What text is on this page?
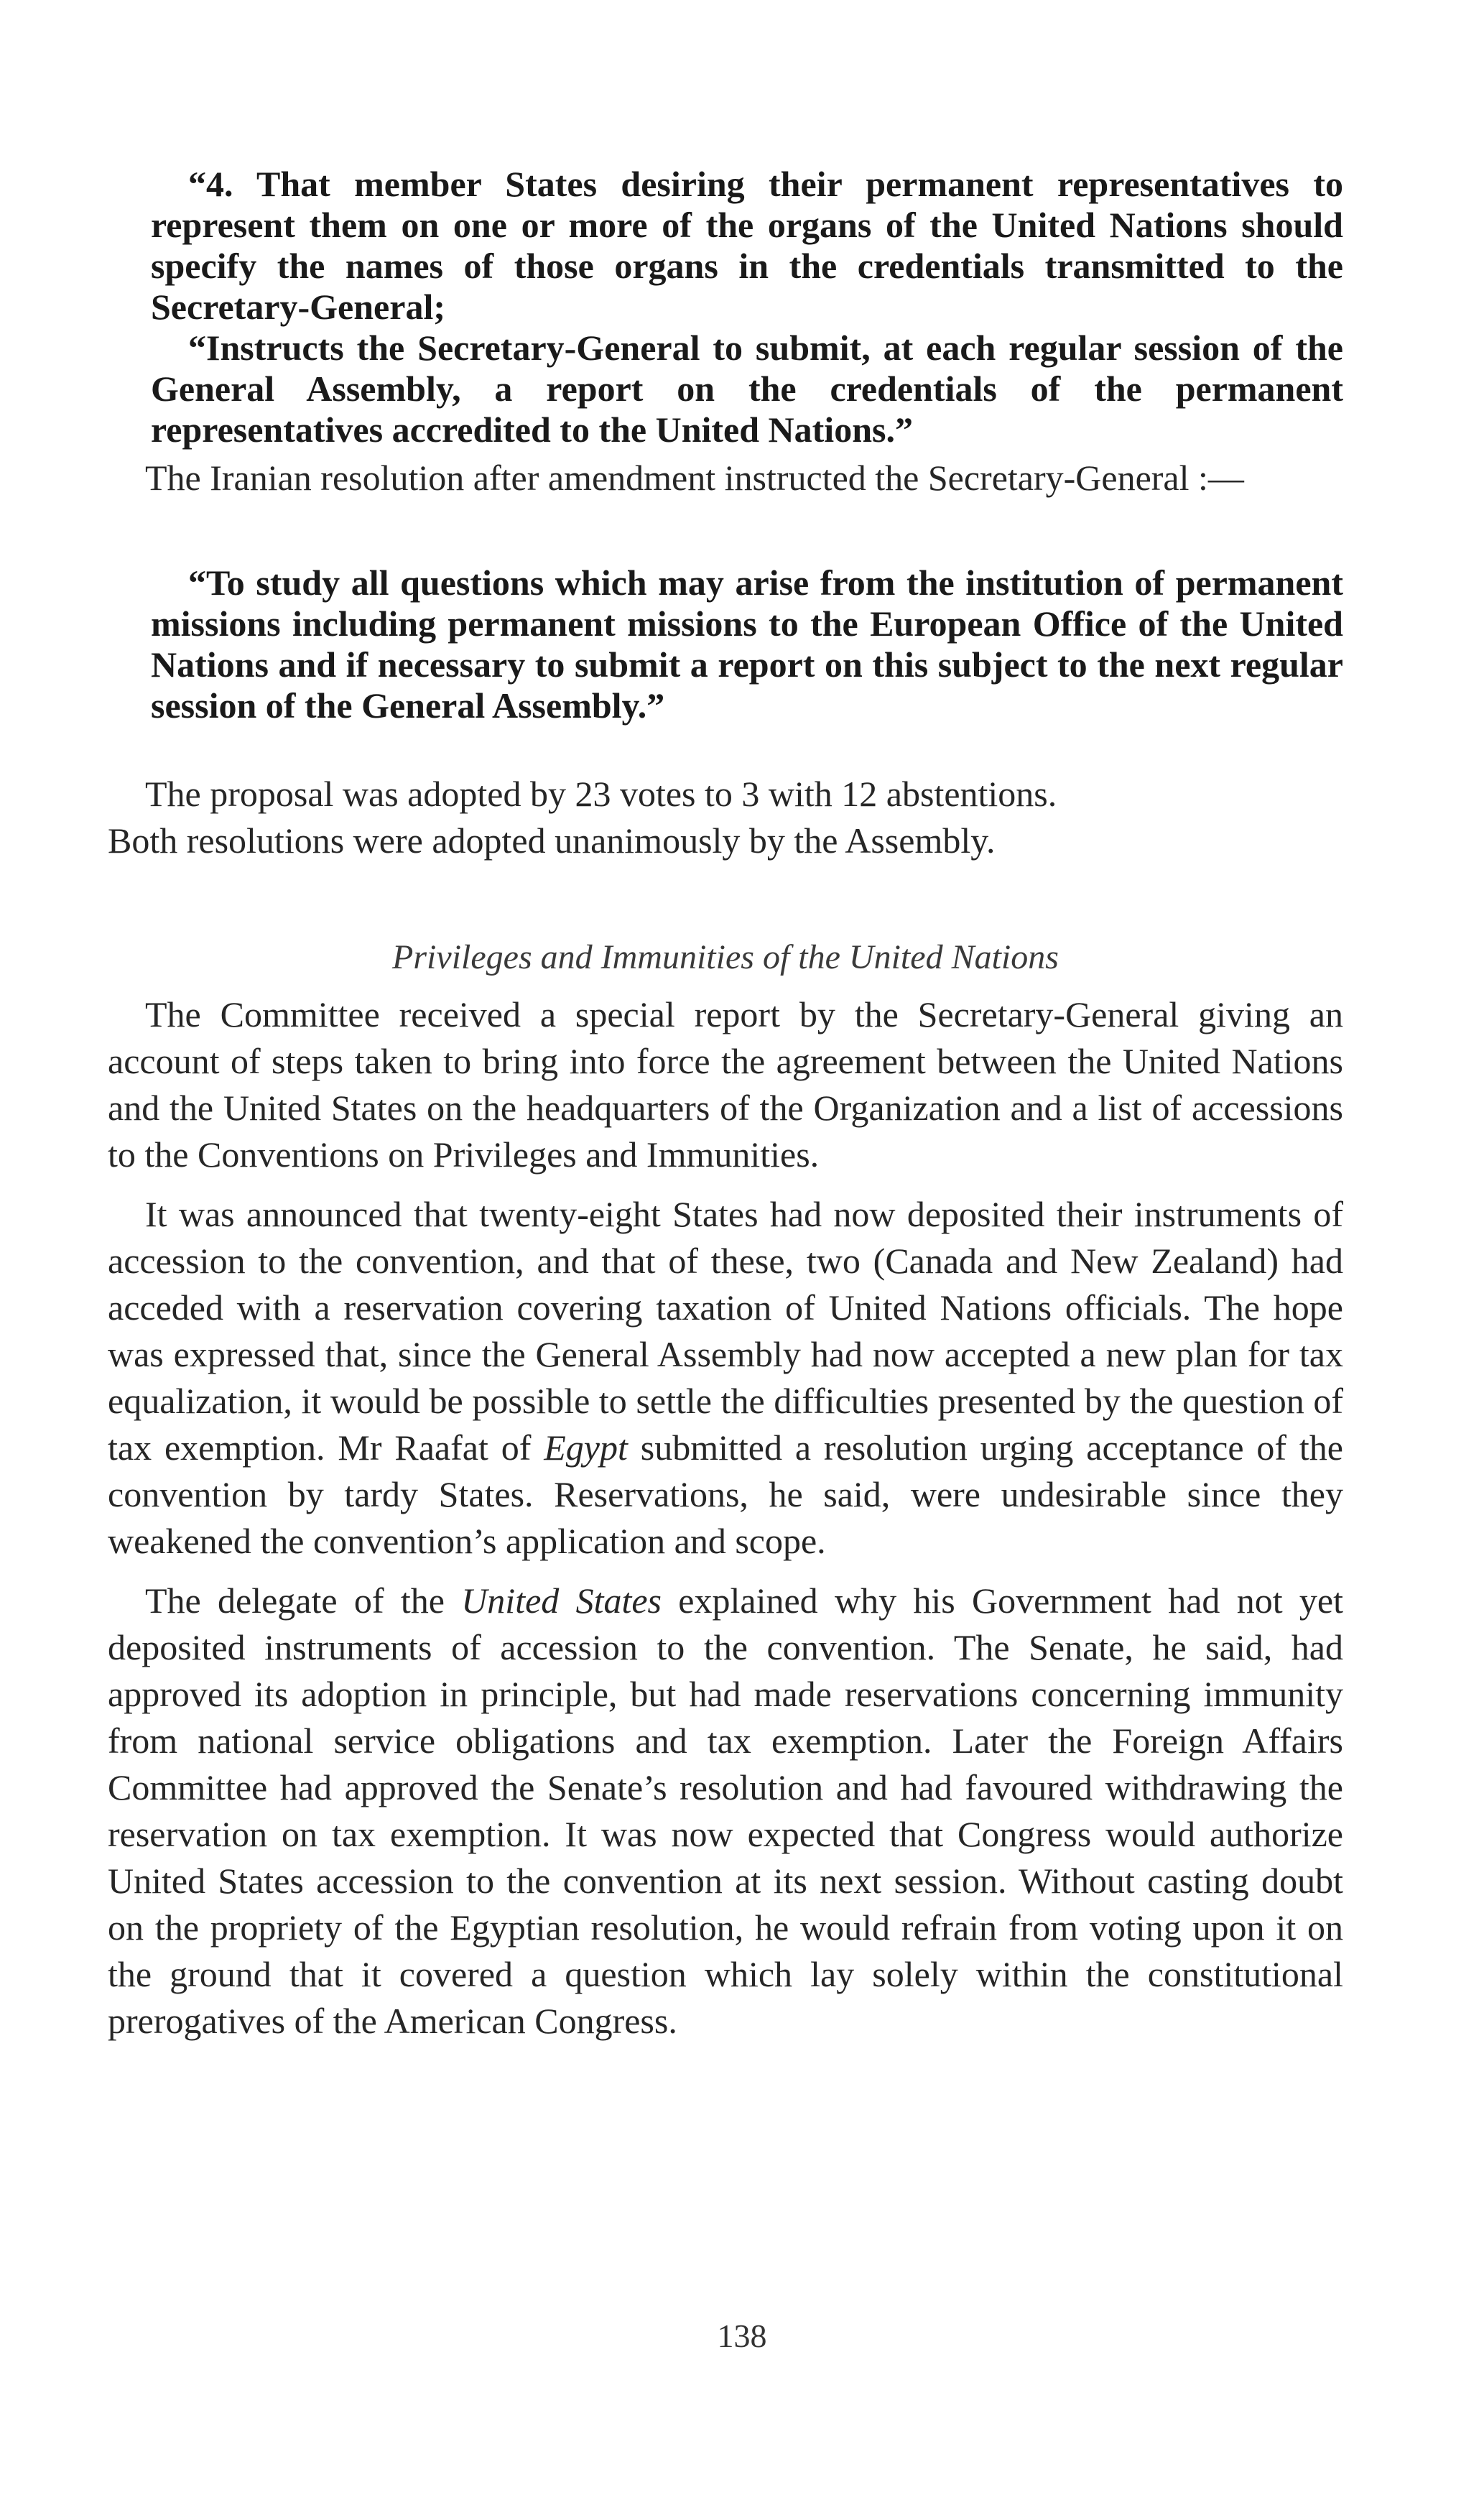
“4. That member States desiring their permanent representatives to represent them on one or more of the organs of the United Nations should specify the names of those organs in the credentials transmitted to the Secretary-General;

“Instructs the Secretary-General to submit, at each regular session of the General Assembly, a report on the credentials of the permanent representatives accredited to the United Nations.”

The Iranian resolution after amendment instructed the Secretary-General :—

“To study all questions which may arise from the institution of permanent missions including permanent missions to the European Office of the United Nations and if necessary to submit a report on this subject to the next regular session of the General Assembly.”

The proposal was adopted by 23 votes to 3 with 12 abstentions.

Both resolutions were adopted unanimously by the Assembly.

Privileges and Immunities of the United Nations

The Committee received a special report by the Secretary-General giving an account of steps taken to bring into force the agreement between the United Nations and the United States on the headquarters of the Organization and a list of accessions to the Conventions on Privileges and Immunities.

It was announced that twenty-eight States had now deposited their instruments of accession to the convention, and that of these, two (Canada and New Zealand) had acceded with a reservation covering taxation of United Nations officials. The hope was expressed that, since the General Assembly had now accepted a new plan for tax equalization, it would be possible to settle the difficulties presented by the question of tax exemption. Mr Raafat of Egypt submitted a resolution urging acceptance of the convention by tardy States. Reservations, he said, were undesirable since they weakened the convention’s application and scope.

The delegate of the United States explained why his Government had not yet deposited instruments of accession to the convention. The Senate, he said, had approved its adoption in principle, but had made reservations concerning immunity from national service obligations and tax exemption. Later the Foreign Affairs Committee had approved the Senate’s resolution and had favoured withdrawing the reservation on tax exemption. It was now expected that Congress would authorize United States accession to the convention at its next session. Without casting doubt on the propriety of the Egyptian resolution, he would refrain from voting upon it on the ground that it covered a question which lay solely within the constitutional prerogatives of the American Congress.

138
